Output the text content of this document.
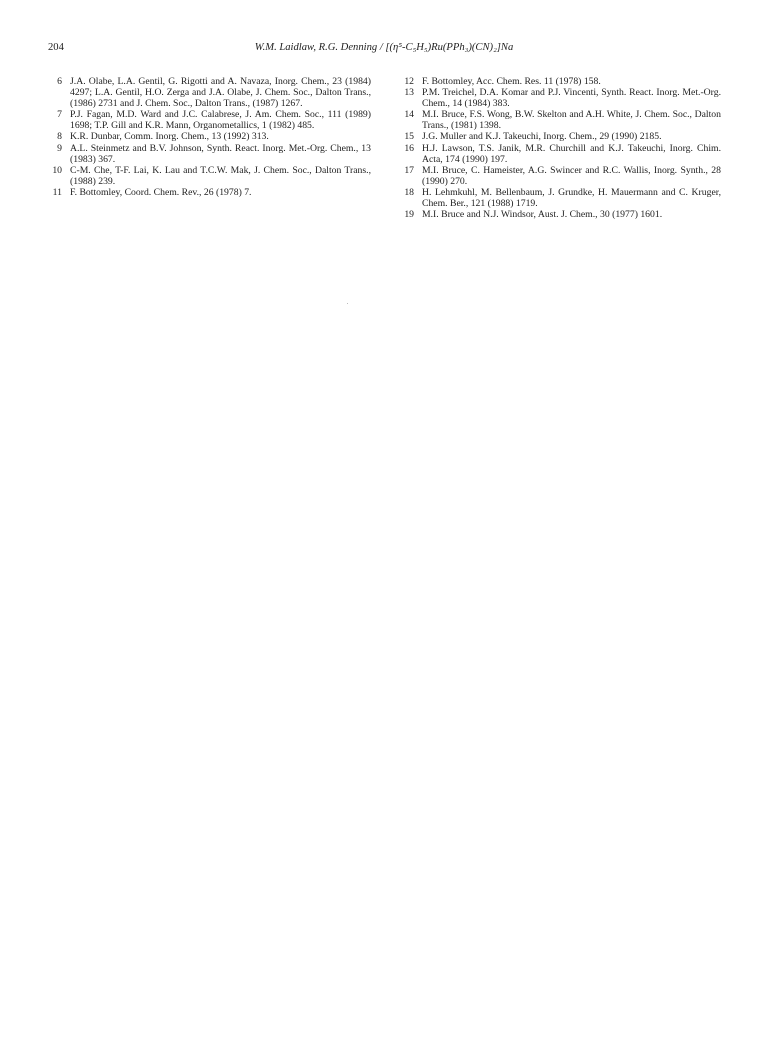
204	W.M. Laidlaw, R.G. Denning / [(η⁵-C₅H₅)Ru(PPh₃)(CN)₂]Na

6 J.A. Olabe, L.A. Gentil, G. Rigotti and A. Navaza, Inorg. Chem., 23 (1984) 4297; L.A. Gentil, H.O. Zerga and J.A. Olabe, J. Chem. Soc., Dalton Trans., (1986) 2731 and J. Chem. Soc., Dalton Trans., (1987) 1267.

7 P.J. Fagan, M.D. Ward and J.C. Calabrese, J. Am. Chem. Soc., 111 (1989) 1698; T.P. Gill and K.R. Mann, Organometallics, 1 (1982) 485.

8 K.R. Dunbar, Comm. Inorg. Chem., 13 (1992) 313.

9 A.L. Steinmetz and B.V. Johnson, Synth. React. Inorg. Met.-Org. Chem., 13 (1983) 367.

10 C-M. Che, T-F. Lai, K. Lau and T.C.W. Mak, J. Chem. Soc., Dalton Trans., (1988) 239.

11 F. Bottomley, Coord. Chem. Rev., 26 (1978) 7.

12 F. Bottomley, Acc. Chem. Res. 11 (1978) 158.

13 P.M. Treichel, D.A. Komar and P.J. Vincenti, Synth. React. Inorg. Met.-Org. Chem., 14 (1984) 383.

14 M.I. Bruce, F.S. Wong, B.W. Skelton and A.H. White, J. Chem. Soc., Dalton Trans., (1981) 1398.

15 J.G. Muller and K.J. Takeuchi, Inorg. Chem., 29 (1990) 2185.

16 H.J. Lawson, T.S. Janik, M.R. Churchill and K.J. Takeuchi, Inorg. Chim. Acta, 174 (1990) 197.

17 M.I. Bruce, C. Hameister, A.G. Swincer and R.C. Wallis, Inorg. Synth., 28 (1990) 270.

18 H. Lehmkuhl, M. Bellenbaum, J. Grundke, H. Mauermann and C. Kruger, Chem. Ber., 121 (1988) 1719.

19 M.I. Bruce and N.J. Windsor, Aust. J. Chem., 30 (1977) 1601.
